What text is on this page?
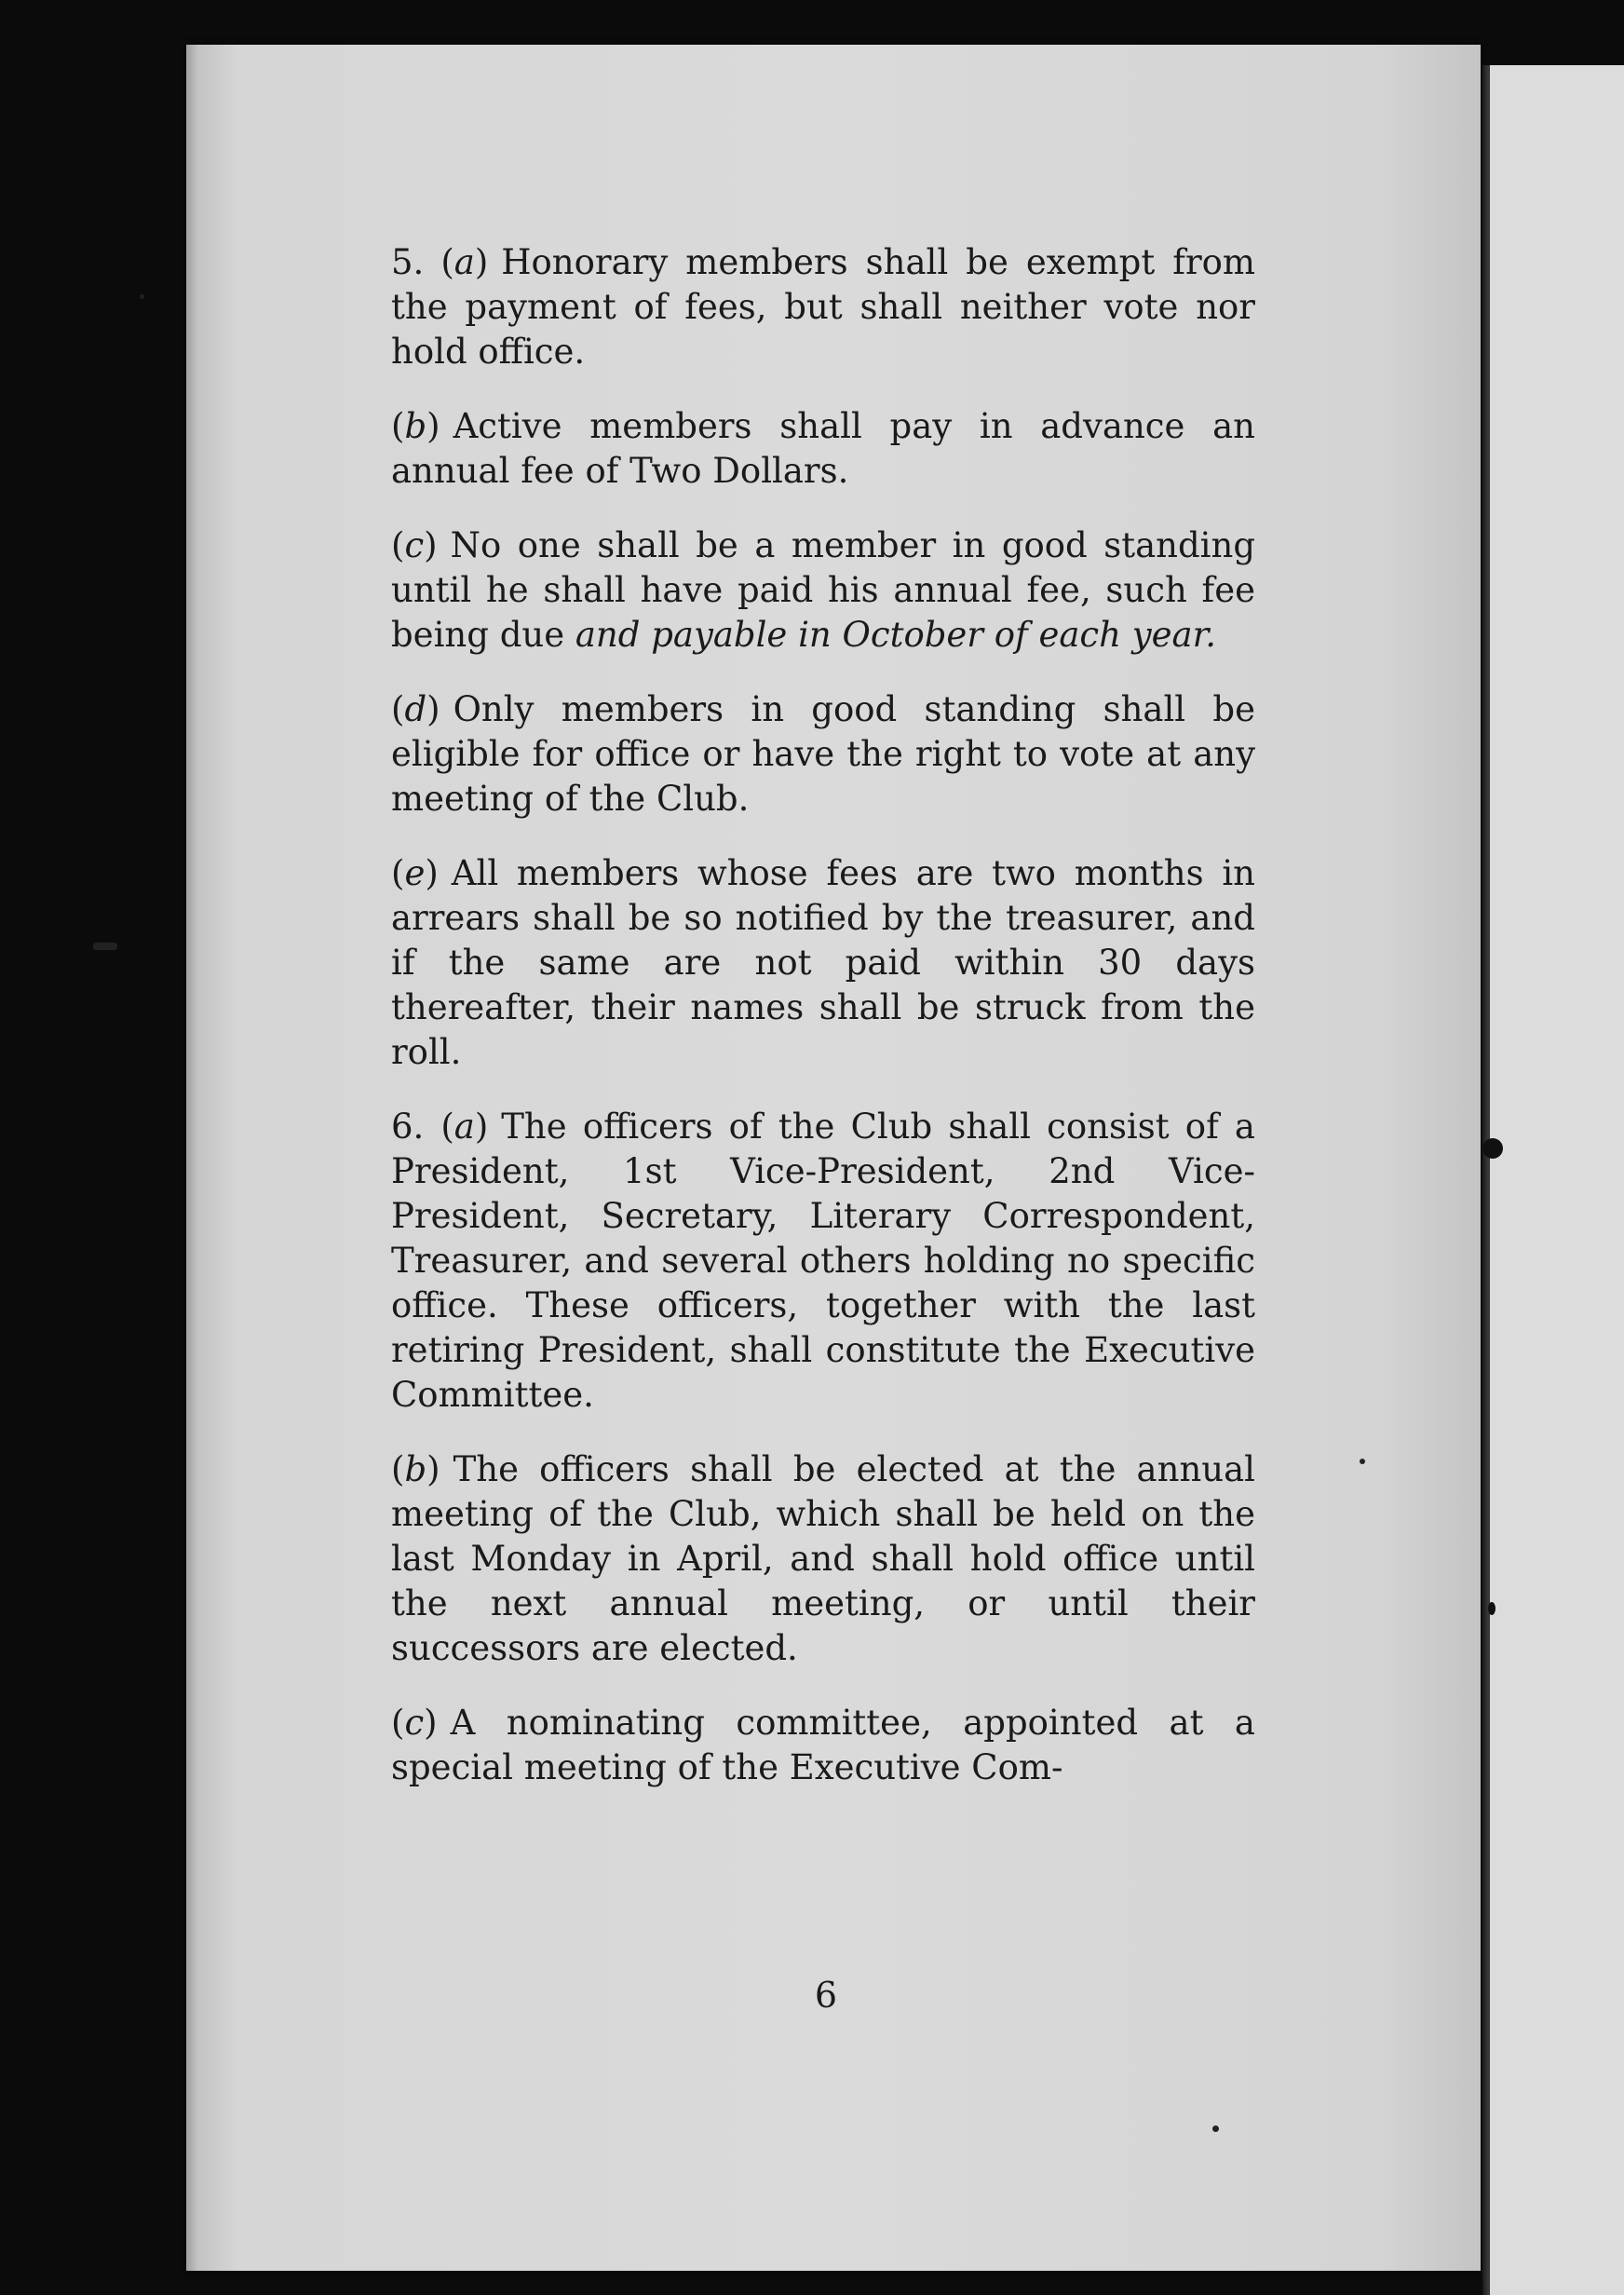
5. (a) Honorary members shall be exempt from the payment of fees, but shall neither vote nor hold office.

(b) Active members shall pay in advance an annual fee of Two Dollars.

(c) No one shall be a member in good standing until he shall have paid his annual fee, such fee being due and payable in October of each year.

(d) Only members in good standing shall be eligible for office or have the right to vote at any meeting of the Club.

(e) All members whose fees are two months in arrears shall be so notified by the treasurer, and if the same are not paid within 30 days thereafter, their names shall be struck from the roll.

6. (a) The officers of the Club shall consist of a President, 1st Vice-President, 2nd Vice-President, Secretary, Literary Correspondent, Treasurer, and several others holding no specific office. These officers, together with the last retiring President, shall constitute the Executive Committee.

(b) The officers shall be elected at the annual meeting of the Club, which shall be held on the last Monday in April, and shall hold office until the next annual meeting, or until their successors are elected.

(c) A nominating committee, appointed at a special meeting of the Executive Com-

6
